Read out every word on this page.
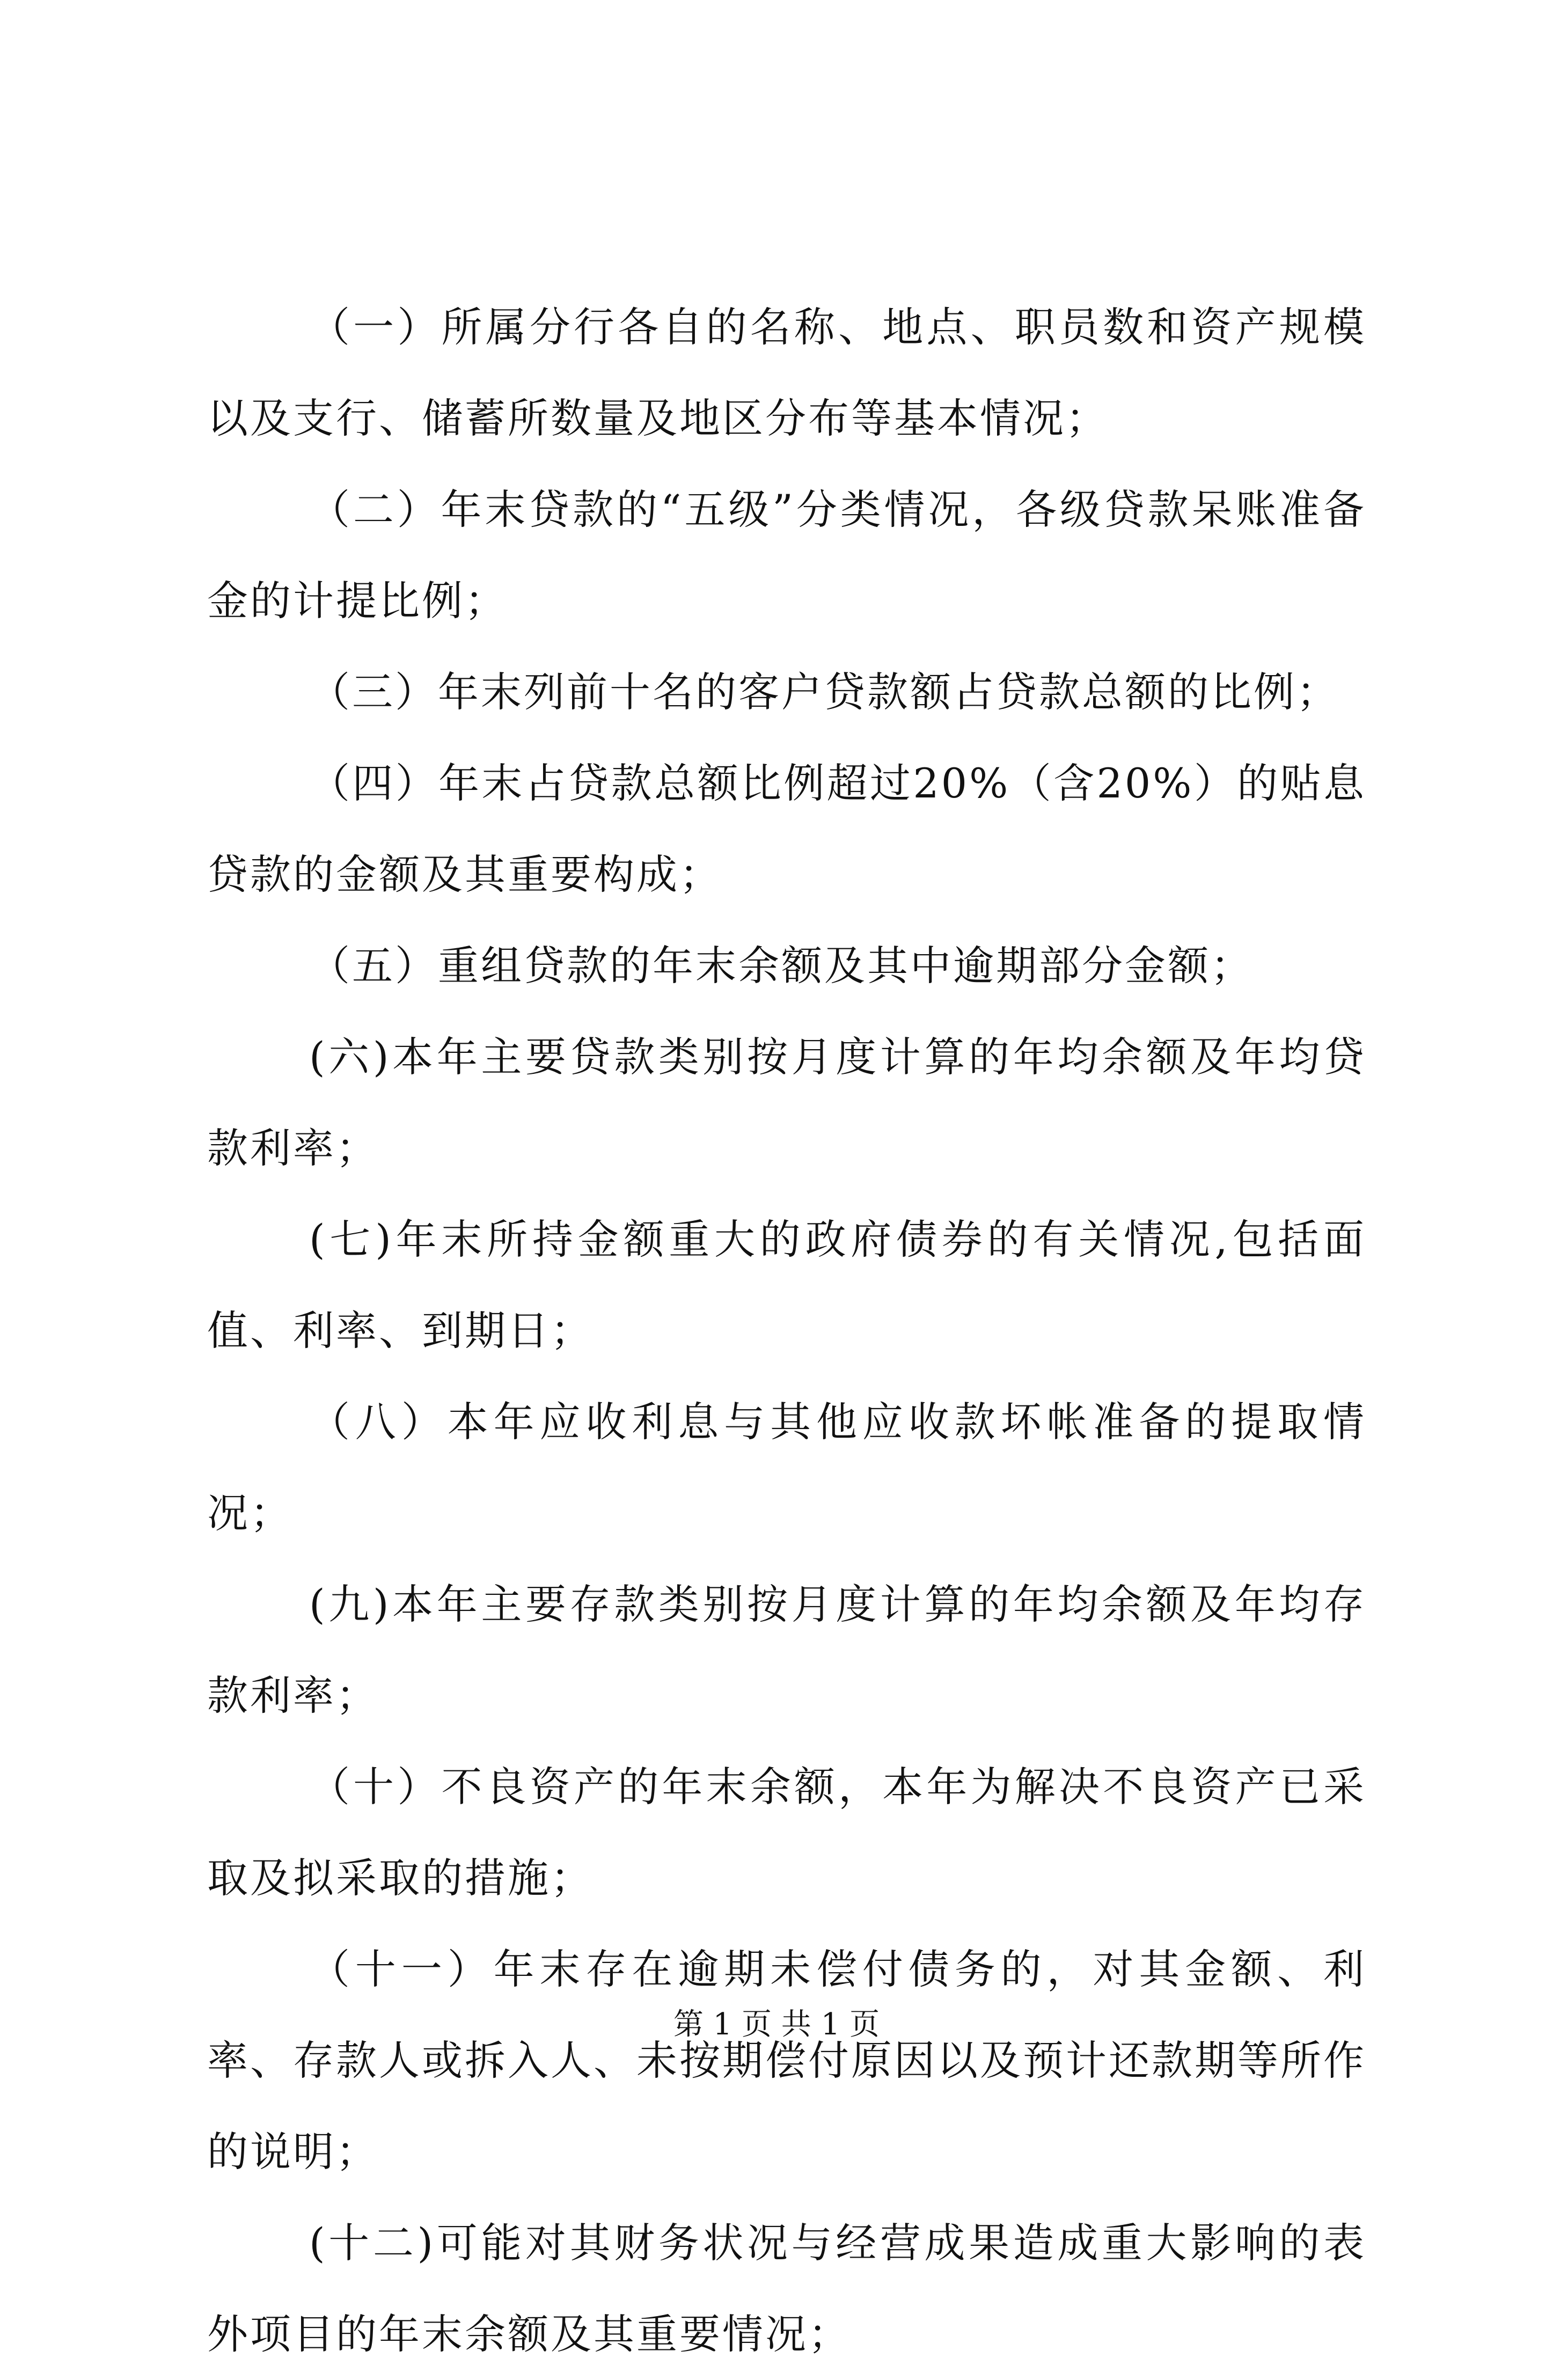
（一）所属分行各自的名称、地点、职员数和资产规模以及支行、储蓄所数量及地区分布等基本情况；

（二）年末贷款的“五级”分类情况，各级贷款呆账准备金的计提比例；

（三）年末列前十名的客户贷款额占贷款总额的比例；

（四）年末占贷款总额比例超过20%（含20%）的贴息贷款的金额及其重要构成；

（五）重组贷款的年末余额及其中逾期部分金额；

(六)本年主要贷款类别按月度计算的年均余额及年均贷款利率；

(七)年末所持金额重大的政府债券的有关情况,包括面值、利率、到期日；

（八）本年应收利息与其他应收款坏帐准备的提取情况；

(九)本年主要存款类别按月度计算的年均余额及年均存款利率；

（十）不良资产的年末余额，本年为解决不良资产已采取及拟采取的措施；

（十一）年末存在逾期未偿付债务的，对其金额、利率、存款人或拆入人、未按期偿付原因以及预计还款期等所作的说明；

(十二)可能对其财务状况与经营成果造成重大影响的表外项目的年末余额及其重要情况；

第 1 页 共 1 页
